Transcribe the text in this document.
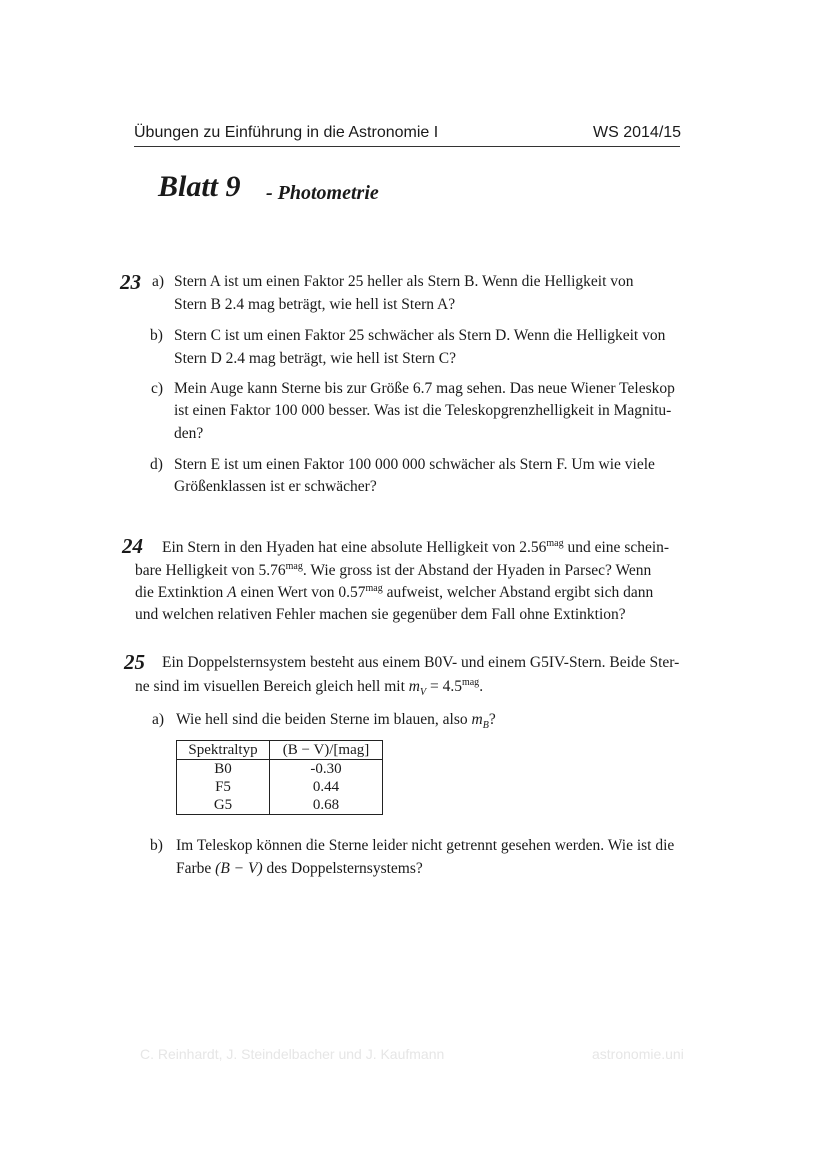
Übungen zu Einführung in die Astronomie I	WS 2014/15
Blatt 9 - Photometrie
23 a) Stern A ist um einen Faktor 25 heller als Stern B. Wenn die Helligkeit von
Stern B 2.4 mag beträgt, wie hell ist Stern A?
b) Stern C ist um einen Faktor 25 schwächer als Stern D. Wenn die Helligkeit von
Stern D 2.4 mag beträgt, wie hell ist Stern C?
c) Mein Auge kann Sterne bis zur Größe 6.7 mag sehen. Das neue Wiener Teleskop
ist einen Faktor 100 000 besser. Was ist die Teleskopgrenzhelligkeit in Magnitu-
den?
d) Stern E ist um einen Faktor 100 000 000 schwächer als Stern F. Um wie viele
Größenklassen ist er schwächer?
24 Ein Stern in den Hyaden hat eine absolute Helligkeit von $2.56^{mag}$ und eine schein-
bare Helligkeit von $5.76^{mag}$. Wie gross ist der Abstand der Hyaden in Parsec? Wenn
die Extinktion A einen Wert von $0.57^{mag}$ aufweist, welcher Abstand ergibt sich dann
und welchen relativen Fehler machen sie gegenüber dem Fall ohne Extinktion?
25 Ein Doppelsternsystem besteht aus einem B0V- und einem G5IV-Stern. Beide Ster-
ne sind im visuellen Bereich gleich hell mit $m_V = 4.5^{mag}$.
a) Wie hell sind die beiden Sterne im blauen, also $m_B$?
Spektraltyp	(B − V)/[mag]
B0	-0.30
F5	0.44
G5	0.68
b) Im Teleskop können die Sterne leider nicht getrennt gesehen werden. Wie ist die
Farbe (B − V) des Doppelsternsystems?
C. Reinhardt, J. Steindelbacher und J. Kaufmann	astronomie.uni
